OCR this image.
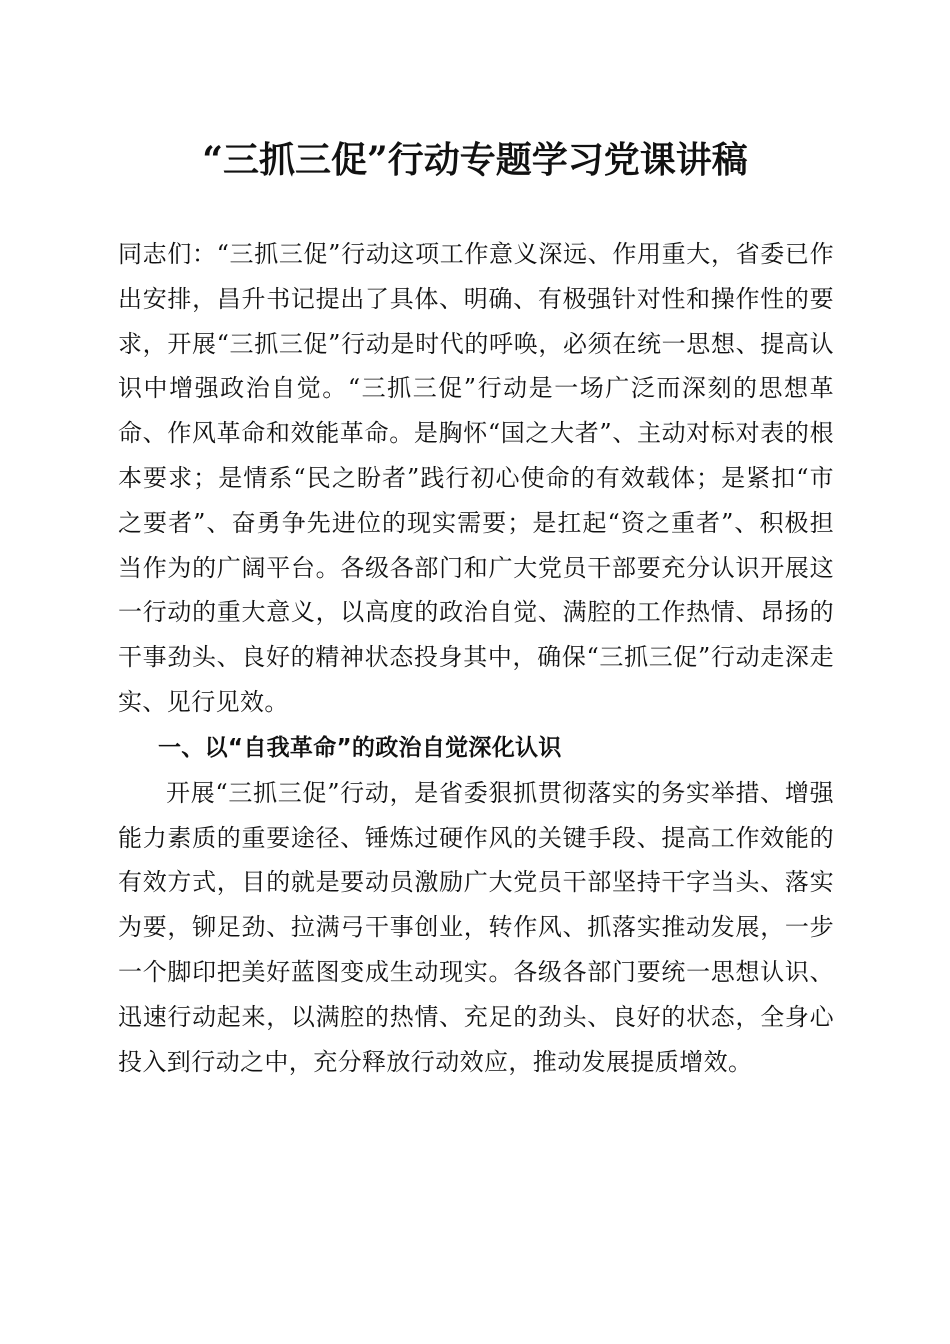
“三抓三促”行动专题学习党课讲稿

同志们：“三抓三促”行动这项工作意义深远、作用重大，省委已作出安排，昌升书记提出了具体、明确、有极强针对性和操作性的要求，开展“三抓三促”行动是时代的呼唤，必须在统一思想、提高认识中增强政治自觉。“三抓三促”行动是一场广泛而深刻的思想革命、作风革命和效能革命。是胸怀“国之大者”、主动对标对表的根本要求；是情系“民之盼者”践行初心使命的有效载体；是紧扣“市之要者”、奋勇争先进位的现实需要；是扛起“资之重者”、积极担当作为的广阔平台。各级各部门和广大党员干部要充分认识开展这一行动的重大意义，以高度的政治自觉、满腔的工作热情、昂扬的干事劲头、良好的精神状态投身其中，确保“三抓三促”行动走深走实、见行见效。

一、以“自我革命”的政治自觉深化认识

开展“三抓三促”行动，是省委狠抓贯彻落实的务实举措、增强能力素质的重要途径、锤炼过硬作风的关键手段、提高工作效能的有效方式，目的就是要动员激励广大党员干部坚持干字当头、落实为要，铆足劲、拉满弓干事创业，转作风、抓落实推动发展，一步一个脚印把美好蓝图变成生动现实。各级各部门要统一思想认识、迅速行动起来，以满腔的热情、充足的劲头、良好的状态，全身心投入到行动之中，充分释放行动效应，推动发展提质增效。
